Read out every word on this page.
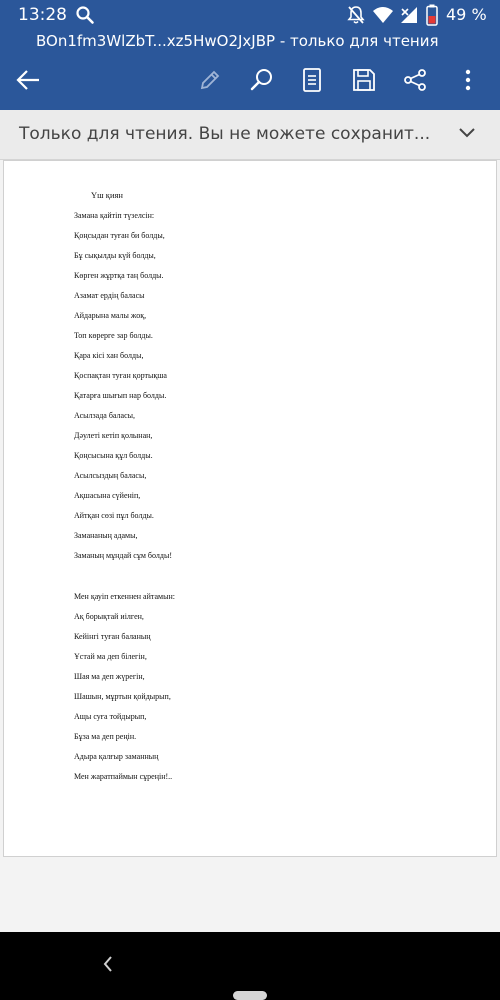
13:28	49 %
BOn1fm3WlZbT...xz5HwO2JxJBP - только для чтения
Только для чтения. Вы не можете сохранит...
Үш қиян
Заманa қайтіп түзелсін:
Қоңсыдан туған би болды,
Бұ сықылды күй болды,
Көрген жұртқа таң болды.
Азамат ердің баласы
Айдарына малы жоқ,
Топ көрерге зар болды.
Қара кісі хан болды,
Қоспақтан туған қортықша
Қатарға шығып нар болды.
Асылзада баласы,
Дәулеті кетіп қолынан,
Қоңсысына құл болды.
Асылсыздың баласы,
Ақшасына сүйеніп,
Айтқан сөзі пұл болды.
Заманaның адамы,
Заманың мұндай сұм болды!
Мен қауіп еткеннен айтамын:
Ақ борықтай иілген,
Кейінгі туған баланың
Ұстай ма деп білегін,
Шая ма деп жүрегін,
Шашын, мұртын қойдырып,
Ащы суға тойдырып,
Бұза ма деп реңін.
Адыра қалғыр заманның
Мен жаратпаймын сұреңін!..
